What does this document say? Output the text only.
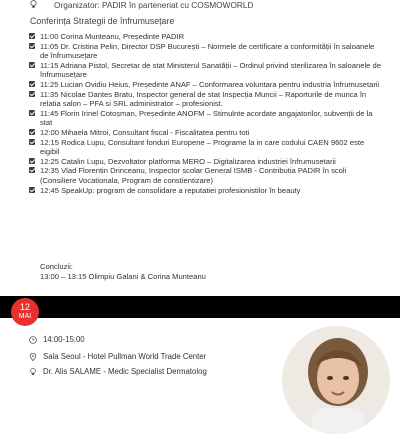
Organizator: PADIR în parteneriat cu COSMOWORLD
Conferința Strategii de înfrumusețare
11:00 Corina Munteanu, Președinte PADIR
11:05 Dr. Cristina Pelin, Director DSP București – Normele de certificare a conformității în saloanele de înfrumusețare
11:15 Adriana Pistol, Secretar de stat Ministerul Sanatății – Ordinul privind sterilizarea în saloanele de înfrumusețare
11:25 Lucian Ovidiu Heius, Președinte ANAF – Conformarea voluntara pentru industria înfrumusetarii
11:35 Nicolae Dantes Bratu, Inspector general de stat Inspecția Muncii – Raporturile de munca în relatia salon – PFA si SRL administrator – profesionist.
11:45 Florin Irinel Cotoșman, Președinte ANOFM – Stimulnte acordate angajatorilor, subvenții de la stat
12:00 Mihaela Mitroi, Consultant fiscal - Fiscalitatea pentru toti
12:15 Rodica Lupu, Consultant fonduri Europene – Programe la in care codului CAEN 9602 este eigibil
12:25 Catalin Lupu, Dezvoltator platforma MERO – Digitalizarea industriei înfrumusetarii
12:35 Vlad Florentin Drinceanu, Inspector scolar General ISMB - Contributia PADIR în scoli (Consiliere Vocationala, Program de constientizare)
12:45 SpeakUp: program de consolidare a reputatiei profesionistilor în beauty
Concluzii:
13:00 – 13:15 Olimpiu Galani & Corina Munteanu
12
MAI
14:00-15:00
Sala Seoul - Hotel Pullman World Trade Center
Dr. Alis SALAME - Medic Specialist Dermatolog
